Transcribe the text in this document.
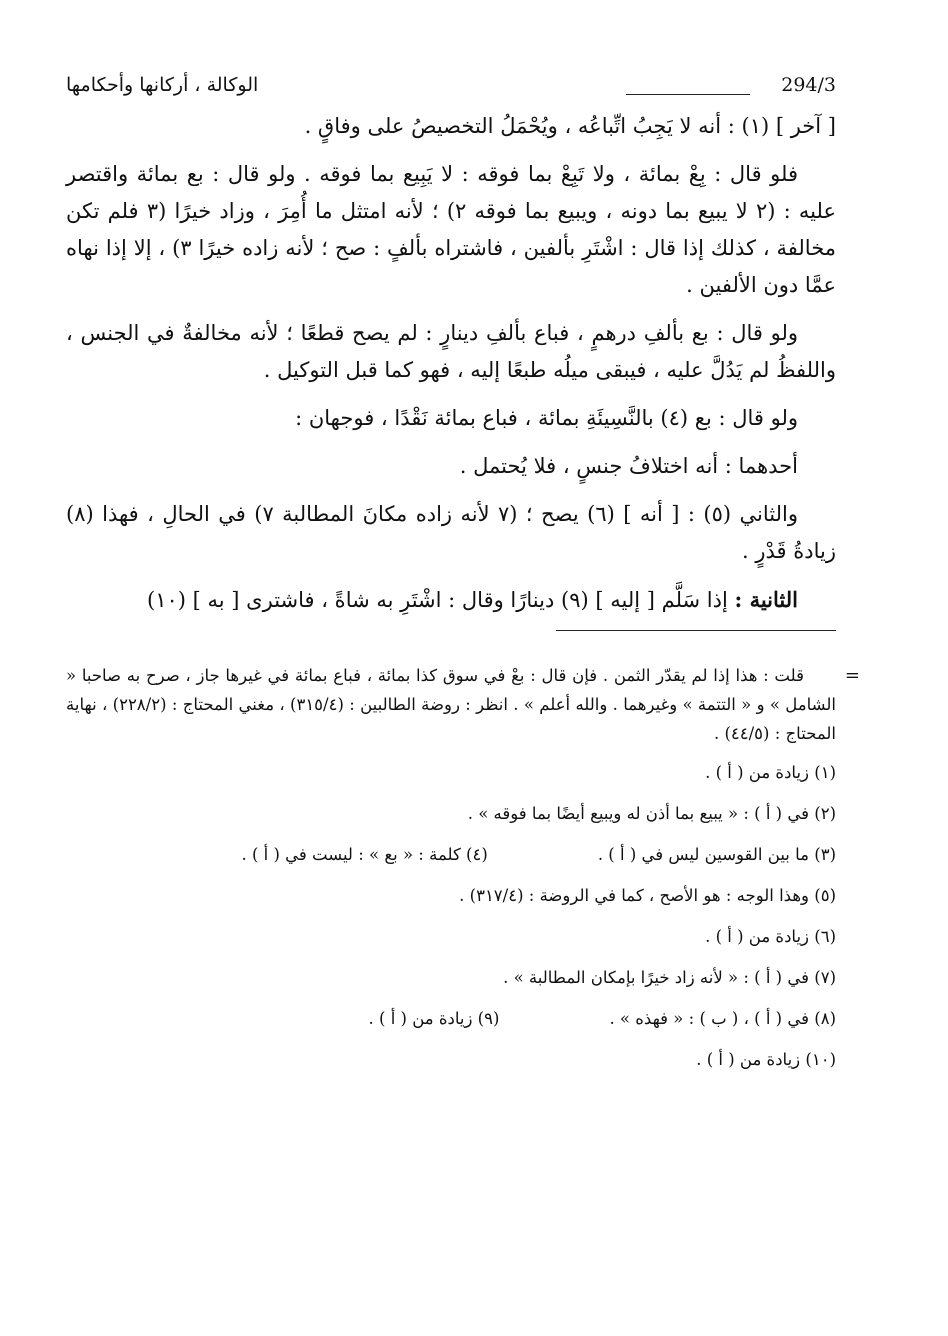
294/3
الوكالة ، أركانها وأحكامها

[ آخر ] (١) : أنه لا يَجِبُ اتِّباعُه ، ويُحْمَلُ التخصيصُ على وفاقٍ .

فلو قال : بِعْ بمائة ، ولا تَبِعْ بما فوقه : لا يَبِيع بما فوقه . ولو قال : بع بمائة واقتصر عليه : (٢ لا يبيع بما دونه ، ويبيع بما فوقه ٢) ؛ لأنه امتثل ما أُمِرَ ، وزاد خيرًا (٣ فلم تكن مخالفة ، كذلك إذا قال : اشْتَرِ بألفين ، فاشتراه بألفٍ : صح ؛ لأنه زاده خيرًا ٣) ، إلا إذا نهاه عمَّا دون الألفين .

ولو قال : بع بألفِ درهمٍ ، فباع بألفِ دينارٍ : لم يصح قطعًا ؛ لأنه مخالفةٌ في الجنس ، واللفظُ لم يَدُلَّ عليه ، فيبقى ميلُه طبعًا إليه ، فهو كما قبل التوكيل .

ولو قال : بع (٤) بالنَّسِيئَةِ بمائة ، فباع بمائة نَقْدًا ، فوجهان :

أحدهما : أنه اختلافُ جنسٍ ، فلا يُحتمل .

والثاني (٥) : [ أنه ] (٦) يصح ؛ (٧ لأنه زاده مكانَ المطالبة ٧) في الحالِ ، فهذا (٨) زيادةُ قَدْرٍ .

الثانية : إذا سَلَّم [ إليه ] (٩) دينارًا وقال : اشْتَرِ به شاةً ، فاشترى [ به ] (١٠)

=

قلت : هذا إذا لم يقدّر الثمن . فإن قال : بعْ في سوق كذا بمائة ، فباع بمائة في غيرها جاز ، صرح به صاحبا « الشامل » و « التتمة » وغيرهما . والله أعلم » . انظر : روضة الطالبين : (٣١٥/٤) ، مغني المحتاج : (٢٢٨/٢) ، نهاية المحتاج : (٤٤/٥) .

(١) زيادة من ( أ ) .

(٢) في ( أ ) : « يبيع بما أذن له ويبيع أيضًا بما فوقه » .

(٣) ما بين القوسين ليس في ( أ ) .
(٤) كلمة : « بع » : ليست في ( أ ) .

(٥) وهذا الوجه : هو الأصح ، كما في الروضة : (٣١٧/٤) .

(٦) زيادة من ( أ ) .

(٧) في ( أ ) : « لأنه زاد خيرًا بإمكان المطالبة » .

(٨) في ( أ ) ، ( ب ) : « فهذه » .
(٩) زيادة من ( أ ) .

(١٠) زيادة من ( أ ) .
